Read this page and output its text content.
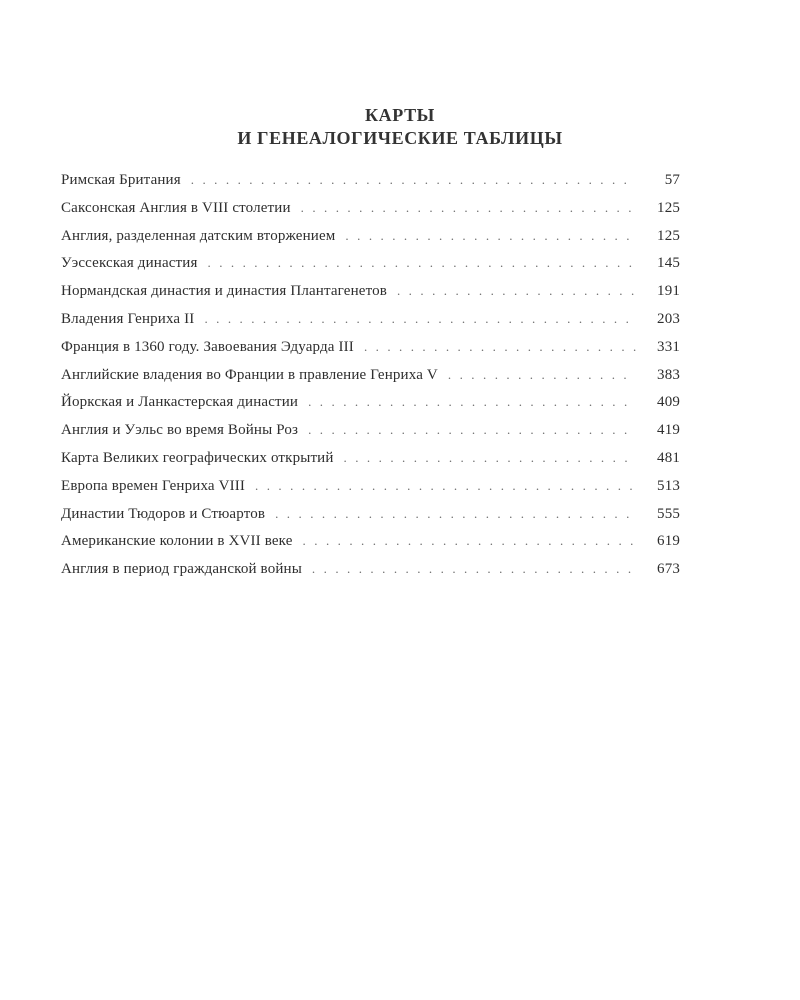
КАРТЫ
И ГЕНЕАЛОГИЧЕСКИЕ ТАБЛИЦЫ
Римская Британия . . .	57
Саксонская Англия в VIII столетии . . .	125
Англия, разделенная датским вторжением . . .	125
Уэссекская династия . . .	145
Нормандская династия и династия Плантагенетов . . .	191
Владения Генриха II . . .	203
Франция в 1360 году. Завоевания Эдуарда III . . .	331
Английские владения во Франции в правление Генриха V . . .	383
Йоркская и Ланкастерская династии . . .	409
Англия и Уэльс во время Войны Роз . . .	419
Карта Великих географических открытий . . .	481
Европа времен Генриха VIII . . .	513
Династии Тюдоров и Стюартов . . .	555
Американские колонии в XVII веке . . .	619
Англия в период гражданской войны . . .	673
